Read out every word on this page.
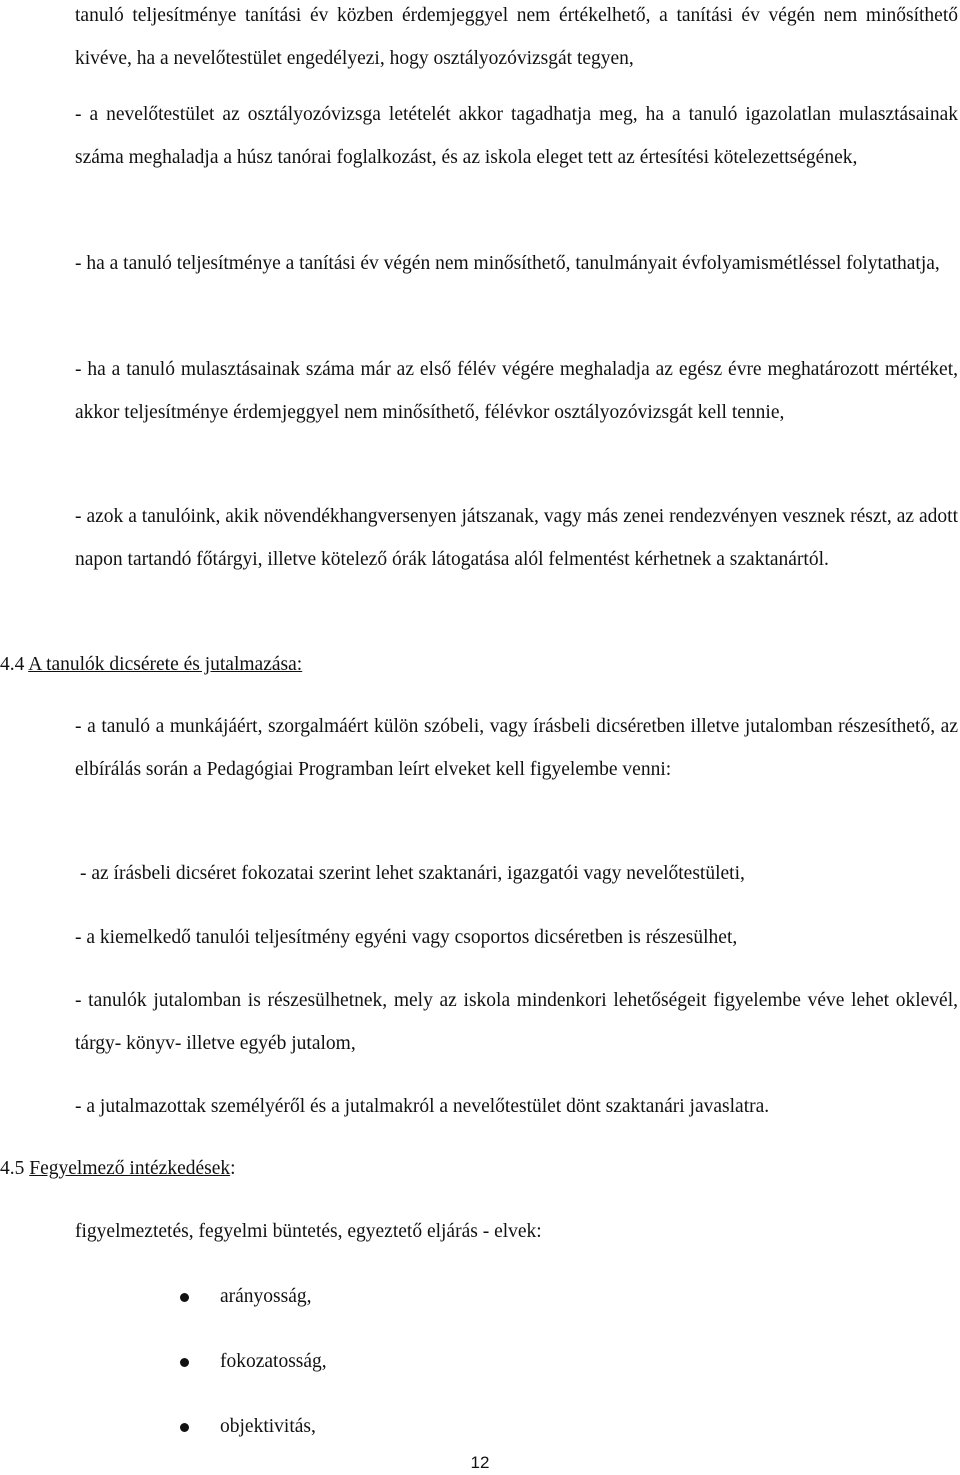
tanuló teljesítménye tanítási év közben érdemjeggyel nem értékelhető, a tanítási év végén nem minősíthető kivéve, ha a nevelőtestület engedélyezi, hogy osztályozóvizsgát tegyen,

- a nevelőtestület az osztályozóvizsga letételét akkor tagadhatja meg, ha a tanuló igazolatlan mulasztásainak száma meghaladja a húsz tanórai foglalkozást, és az iskola eleget tett az értesítési kötelezettségének,

- ha a tanuló teljesítménye a tanítási év végén nem minősíthető, tanulmányait évfolyamismétléssel folytathatja,

- ha a tanuló mulasztásainak száma már az első félév végére meghaladja az egész évre meghatározott mértéket, akkor teljesítménye érdemjeggyel nem minősíthető, félévkor osztályozóvizsgát kell tennie,

- azok a tanulóink, akik növendékhangversenyen játszanak, vagy más zenei rendezvényen vesznek részt, az adott napon tartandó főtárgyi, illetve kötelező órák látogatása alól felmentést kérhetnek a szaktanártól.

4.4 A tanulók dicsérete és jutalmazása:

- a tanuló a munkájáért, szorgalmáért külön szóbeli, vagy írásbeli dicséretben illetve jutalomban részesíthető, az elbírálás során a Pedagógiai Programban leírt elveket kell figyelembe venni:

- az írásbeli dicséret fokozatai szerint lehet szaktanári, igazgatói vagy nevelőtestületi,

- a kiemelkedő tanulói teljesítmény egyéni vagy csoportos dicséretben is részesülhet,

- tanulók jutalomban is részesülhetnek, mely az iskola mindenkori lehetőségeit figyelembe véve lehet oklevél, tárgy- könyv- illetve egyéb jutalom,

- a jutalmazottak személyéről és a jutalmakról a nevelőtestület dönt szaktanári javaslatra.

4.5 Fegyelmező intézkedések:

figyelmeztetés, fegyelmi büntetés, egyeztető eljárás - elvek:

arányosság,
fokozatosság,
objektivitás,
12
